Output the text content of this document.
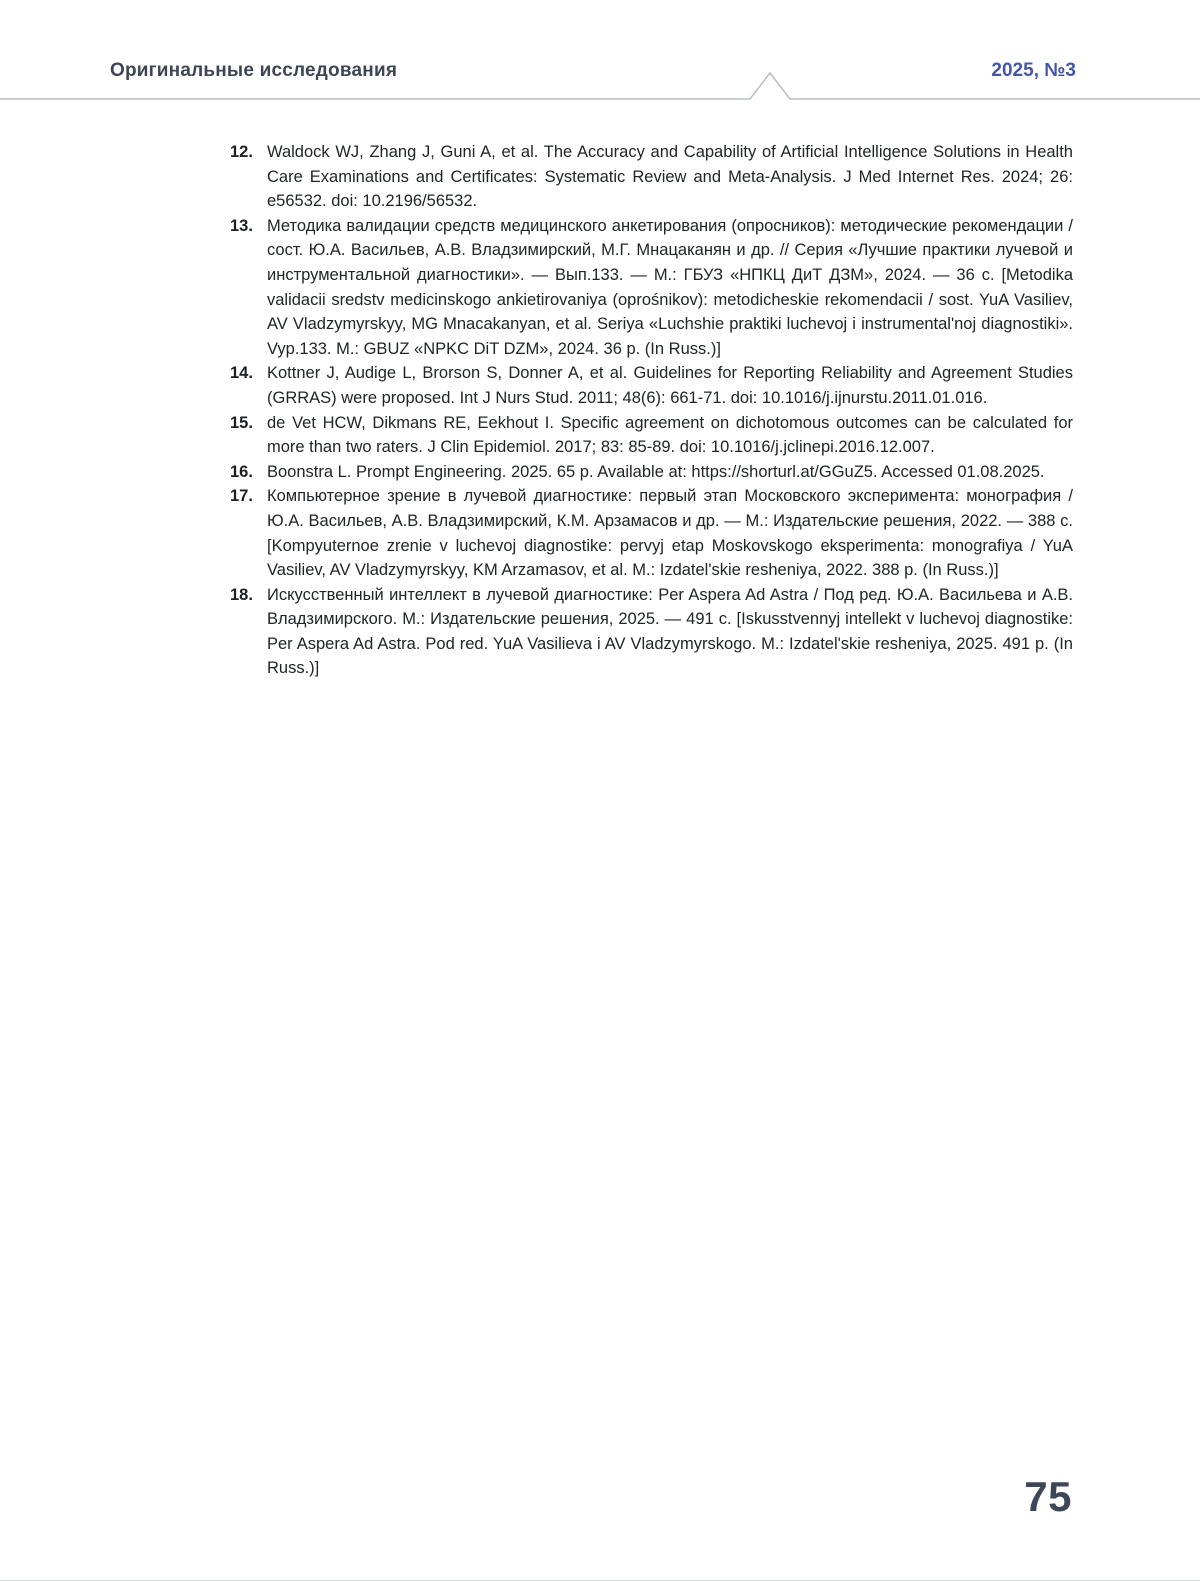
Оригинальные исследования	2025, №3
12. Waldock WJ, Zhang J, Guni A, et al. The Accuracy and Capability of Artificial Intelligence Solutions in Health Care Examinations and Certificates: Systematic Review and Meta-Analysis. J Med Internet Res. 2024; 26: e56532. doi: 10.2196/56532.
13. Методика валидации средств медицинского анкетирования (опросников): методические рекомендации / сост. Ю.А. Васильев, А.В. Владзимирский, М.Г. Мнацаканян и др. // Серия «Лучшие практики лучевой и инструментальной диагностики». — Вып.133. — М.: ГБУЗ «НПКЦ ДиТ ДЗМ», 2024. — 36 с. [Metodika validacii sredstv medicinskogo ankietirovaniya (oprośnikov): metodicheskie rekomendacii / sost. YuA Vasiliev, AV Vladzymyrskyy, MG Mnacakanyan, et al. Seriya «Luchshie praktiki luchevoj i instrumental'noj diagnostiki». Vyp.133. M.: GBUZ «NPKC DiT DZM», 2024. 36 p. (In Russ.)]
14. Kottner J, Audige L, Brorson S, Donner A, et al. Guidelines for Reporting Reliability and Agreement Studies (GRRAS) were proposed. Int J Nurs Stud. 2011; 48(6): 661-71. doi: 10.1016/j.ijnurstu.2011.01.016.
15. de Vet HCW, Dikmans RE, Eekhout I. Specific agreement on dichotomous outcomes can be calculated for more than two raters. J Clin Epidemiol. 2017; 83: 85-89. doi: 10.1016/j.jclinepi.2016.12.007.
16. Boonstra L. Prompt Engineering. 2025. 65 p. Available at: https://shorturl.at/GGuZ5. Accessed 01.08.2025.
17. Компьютерное зрение в лучевой диагностике: первый этап Московского эксперимента: монография / Ю.А. Васильев, А.В. Владзимирский, К.М. Арзамасов и др. — М.: Издательские решения, 2022. — 388 с. [Kompyuternoe zrenie v luchevoj diagnostike: pervyj etap Moskovskogo eksperimenta: monografiya / YuA Vasiliev, AV Vladzymyrskyy, KM Arzamasov, et al. M.: Izdatel'skie resheniya, 2022. 388 p. (In Russ.)]
18. Искусственный интеллект в лучевой диагностике: Per Aspera Ad Astra / Под ред. Ю.А. Васильева и А.В. Владзимирского. М.: Издательские решения, 2025. — 491 с. [Iskusstvennyj intellekt v luchevoj diagnostike: Per Aspera Ad Astra. Pod red. YuA Vasilieva i AV Vladzymyrskogo. M.: Izdatel'skie resheniya, 2025. 491 p. (In Russ.)]
75
